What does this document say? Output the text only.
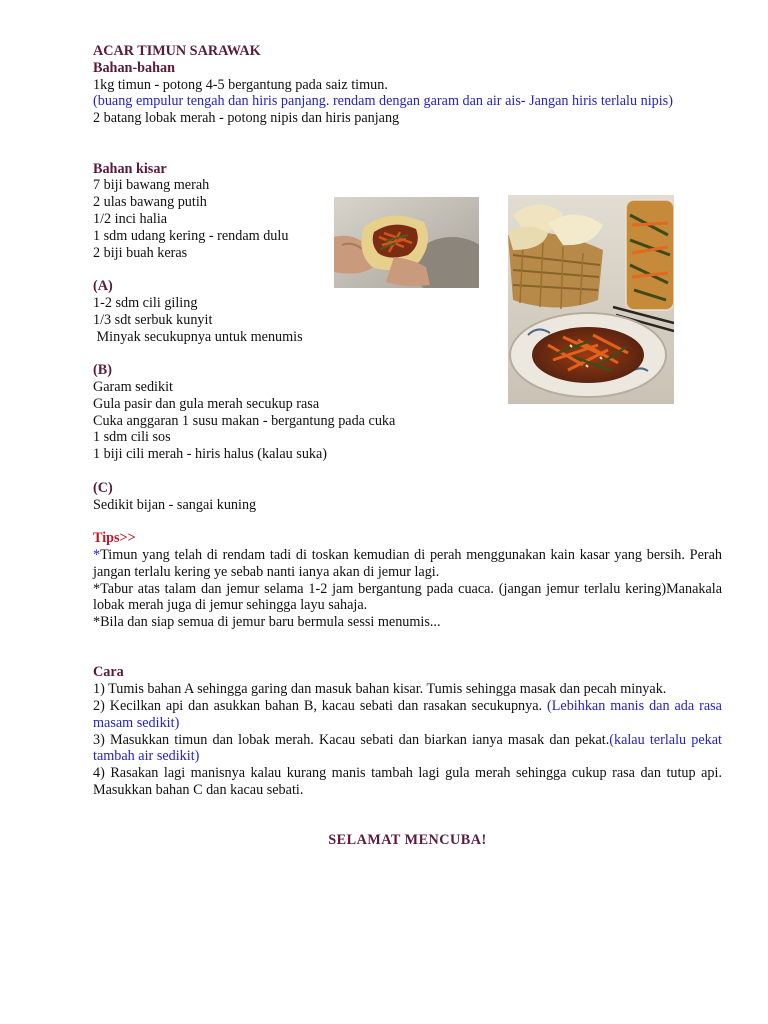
ACAR TIMUN SARAWAK

Bahan-bahan

1kg timun - potong 4-5 bergantung pada saiz timun.

(buang empulur tengah dan hiris panjang. rendam dengan garam dan air ais- Jangan hiris terlalu nipis)

2 batang lobak merah - potong nipis dan hiris panjang

Bahan kisar

7 biji bawang merah

2 ulas bawang putih

1/2 inci halia

1 sdm udang kering - rendam dulu

2 biji buah keras

(A)

1-2 sdm cili giling

1/3 sdt serbuk kunyit

Minyak secukupnya untuk menumis

(B)

Garam sedikit

Gula pasir dan gula merah secukup rasa

Cuka anggaran 1 susu makan - bergantung pada cuka

1 sdm cili sos

1 biji cili merah - hiris halus (kalau suka)

(C)

Sedikit bijan - sangai kuning

Tips>>

*Timun yang telah di rendam tadi di toskan kemudian di perah menggunakan kain kasar yang bersih. Perah jangan terlalu kering ye sebab nanti ianya akan di jemur lagi.

*Tabur atas talam dan jemur selama 1-2 jam bergantung pada cuaca. (jangan jemur terlalu kering)Manakala lobak merah juga di jemur sehingga layu sahaja.

*Bila dan siap semua di jemur baru bermula sessi menumis...

Cara

1) Tumis bahan A sehingga garing dan masuk bahan kisar. Tumis sehingga masak dan pecah minyak.

2) Kecilkan api dan asukkan bahan B, kacau sebati dan rasakan secukupnya. (Lebihkan manis dan ada rasa masam sedikit)

3) Masukkan timun dan lobak merah. Kacau sebati dan biarkan ianya masak dan pekat.(kalau terlalu pekat tambah air sedikit)

4) Rasakan lagi manisnya kalau kurang manis tambah lagi gula merah sehingga cukup rasa dan tutup api. Masukkan bahan C dan kacau sebati.

SELAMAT MENCUBA!
